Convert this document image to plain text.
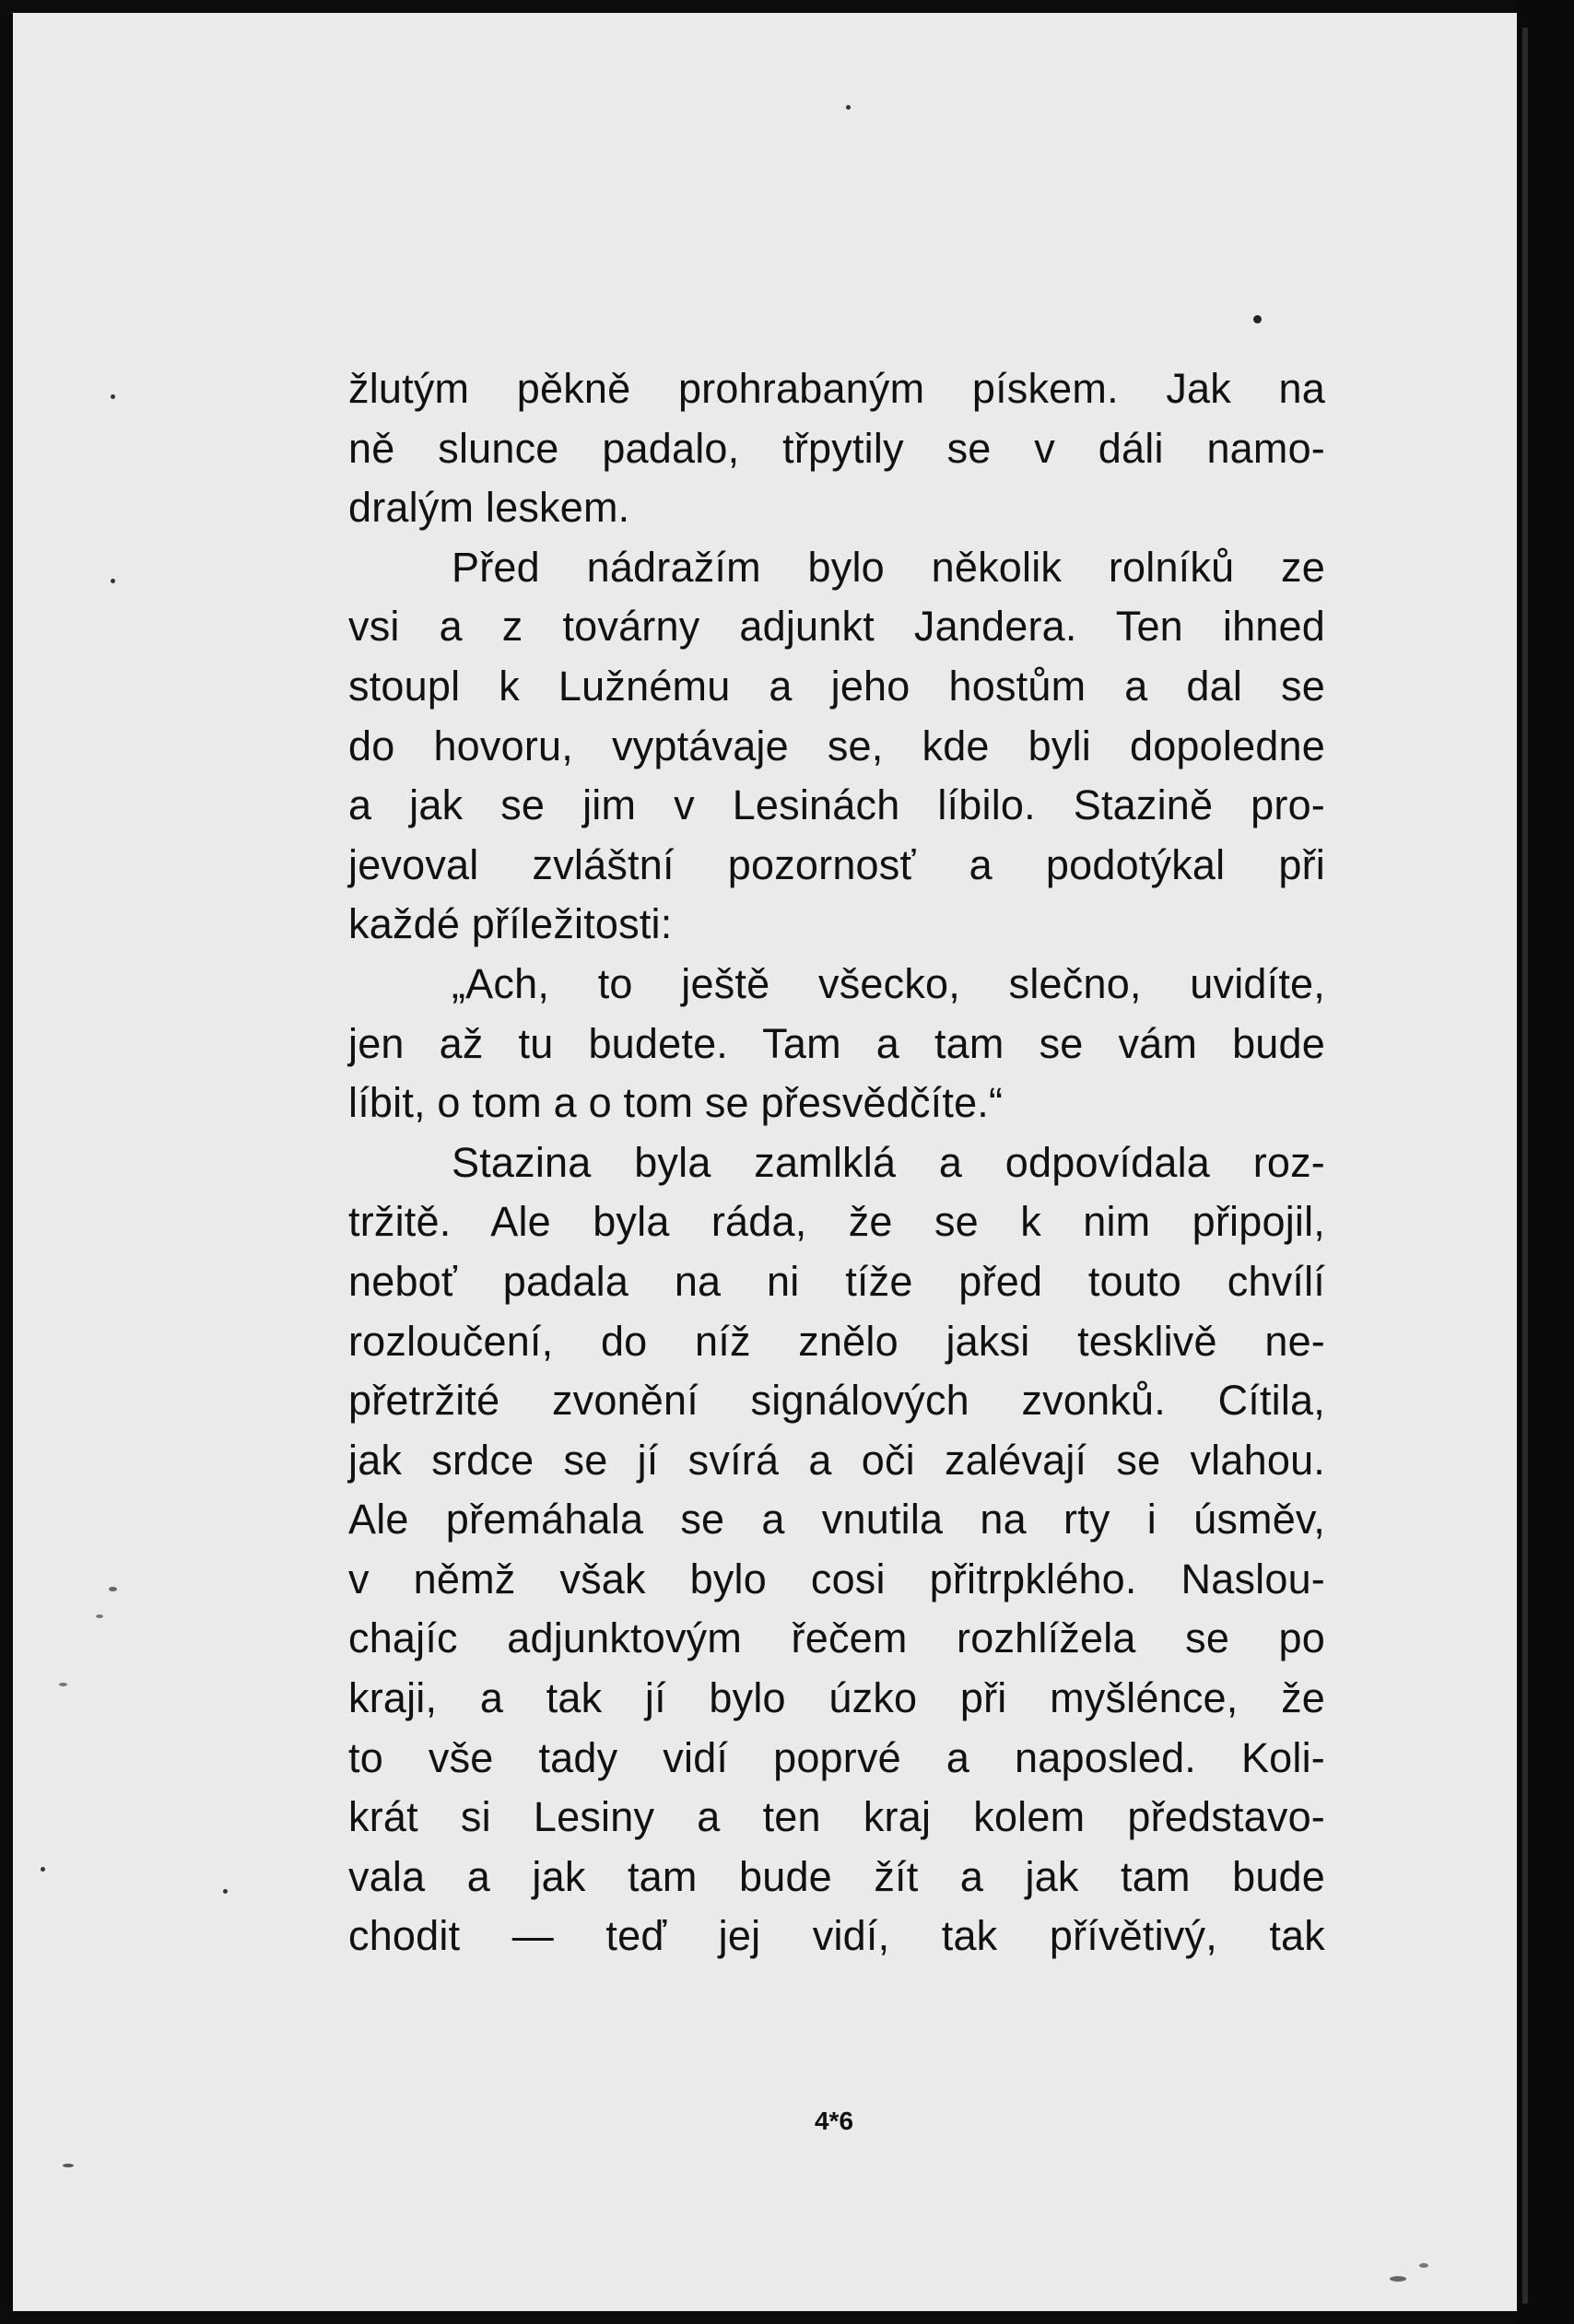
žlutým pěkně prohrabaným pískem. Jak na
ně slunce padalo, třpytily se v dáli namo-
dralým leskem.
Před nádražím bylo několik rolníků ze
vsi a z továrny adjunkt Jandera. Ten ihned
stoupl k Lužnému a jeho hostům a dal se
do hovoru, vyptávaje se, kde byli dopoledne
a jak se jim v Lesinách líbilo. Stazině pro-
jevoval zvláštní pozornosť a podotýkal při
každé příležitosti:
„Ach, to ještě všecko, slečno, uvidíte,
jen až tu budete. Tam a tam se vám bude
líbit, o tom a o tom se přesvědčíte.“
Stazina byla zamlklá a odpovídala roz-
tržitě. Ale byla ráda, že se k nim připojil,
neboť padala na ni tíže před touto chvílí
rozloučení, do níž znělo jaksi tesklivě ne-
přetržité zvonění signálových zvonků. Cítila,
jak srdce se jí svírá a oči zalévají se vlahou.
Ale přemáhala se a vnutila na rty i úsměv,
v němž však bylo cosi přitrpklého. Naslou-
chajíc adjunktovým řečem rozhlížela se po
kraji, a tak jí bylo úzko při myšlénce, že
to vše tady vidí poprvé a naposled. Koli-
krát si Lesiny a ten kraj kolem představo-
vala a jak tam bude žít a jak tam bude
chodit — teď jej vidí, tak přívětivý, tak
4*6
